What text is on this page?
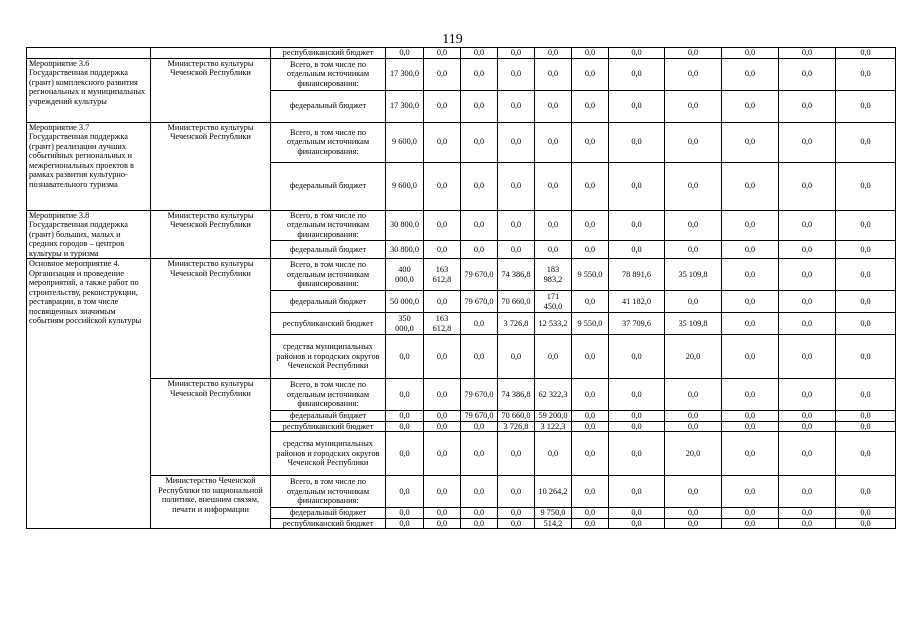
119
		республиканский бюджет	0,0	0,0	0,0	0,0	0,0	0,0	0,0	0,0	0,0	0,0	0,0
Мероприятие 3.6 Государственная поддержка (грант) комплексного развития региональных и муниципальных учреждений культуры	Министерство культуры Чеченской Республики	Всего, в том числе по отдельным источникам финансирования:	17 300,0	0,0	0,0	0,0	0,0	0,0	0,0	0,0	0,0	0,0	0,0
		федеральный бюджет	17 300,0	0,0	0,0	0,0	0,0	0,0	0,0	0,0	0,0	0,0	0,0
Мероприятие 3.7 Государственная поддержка (грант) реализации лучших событийных региональных и межрегиональных проектов в рамках развития культурно-познавательного туризма	Министерство культуры Чеченской Республики	Всего, в том числе по отдельным источникам финансирования:	9 600,0	0,0	0,0	0,0	0,0	0,0	0,0	0,0	0,0	0,0	0,0
		федеральный бюджет	9 600,0	0,0	0,0	0,0	0,0	0,0	0,0	0,0	0,0	0,0	0,0
Мероприятие 3.8 Государственная поддержка (грант) больших, малых и средних городов – центров культуры и туризма	Министерство культуры Чеченской Республики	Всего, в том числе по отдельным источникам финансирования:	30 800,0	0,0	0,0	0,0	0,0	0,0	0,0	0,0	0,0	0,0	0,0
		федеральный бюджет	30 800,0	0,0	0,0	0,0	0,0	0,0	0,0	0,0	0,0	0,0	0,0
Основное мероприятие 4. Организация и проведение мероприятий, а также работ по строительству, реконструкции, реставрации, в том числе посвященных значимым событиям российской культуры	Министерство культуры Чеченской Республики	Всего, в том числе по отдельным источникам финансирования:	400 000,0	163 612,8	79 670,0	74 386,8	183 983,2	9 550,0	78 891,6	35 109,8	0,0	0,0	0,0
		федеральный бюджет	50 000,0	0,0	79 670,0	70 660,0	171 450,0	0,0	41 182,0	0,0	0,0	0,0	0,0
		республиканский бюджет	350 000,0	163 612,8	0,0	3 726,8	12 533,2	9 550,0	37 709,6	35 109,8	0,0	0,0	0,0
		средства муниципальных районов и городских округов Чеченской Республики	0,0	0,0	0,0	0,0	0,0	0,0	0,0	20,0	0,0	0,0	0,0
	Министерство культуры Чеченской Республики	Всего, в том числе по отдельным источникам финансирования:	0,0	0,0	79 670,0	74 386,8	62 322,3	0,0	0,0	0,0	0,0	0,0	0,0
		федеральный бюджет	0,0	0,0	79 670,0	70 660,0	59 200,0	0,0	0,0	0,0	0,0	0,0	0,0
		республиканский бюджет	0,0	0,0	0,0	3 726,8	3 122,3	0,0	0,0	0,0	0,0	0,0	0,0
		средства муниципальных районов и городских округов Чеченской Республики	0,0	0,0	0,0	0,0	0,0	0,0	0,0	20,0	0,0	0,0	0,0
	Министерство Чеченской Республики по национальной политике, внешним связям, печати и информации	Всего, в том числе по отдельным источникам финансирования:	0,0	0,0	0,0	0,0	10 264,2	0,0	0,0	0,0	0,0	0,0	0,0
		федеральный бюджет	0,0	0,0	0,0	0,0	9 750,0	0,0	0,0	0,0	0,0	0,0	0,0
		республиканский бюджет	0,0	0,0	0,0	0,0	514,2	0,0	0,0	0,0	0,0	0,0	0,0
